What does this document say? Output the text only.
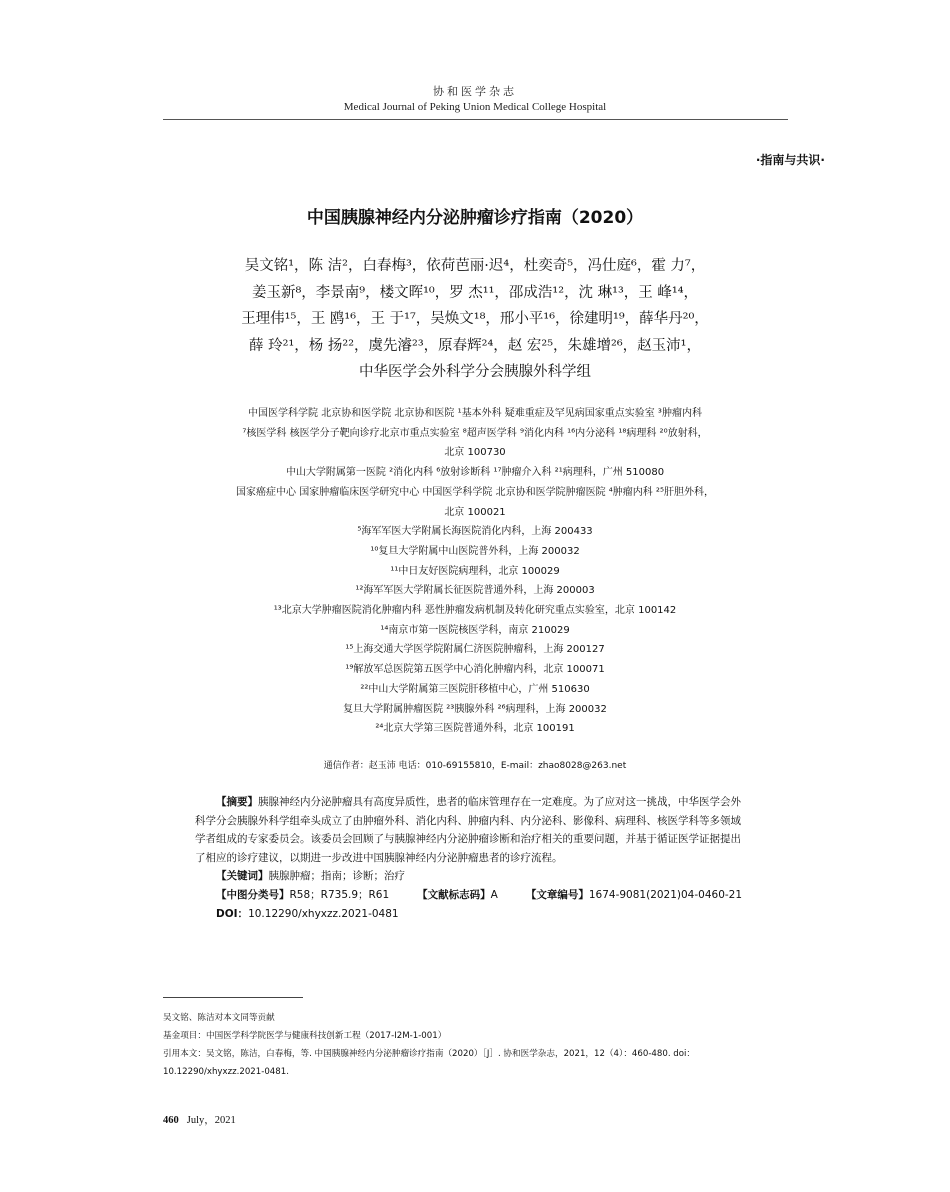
协和医学杂志
Medical Journal of Peking Union Medical College Hospital
·指南与共识·
中国胰腺神经内分泌肿瘤诊疗指南（2020）
吴文铭¹，陈 洁²，白春梅³，依荷芭丽·迟⁴，杜奕奇⁵，冯仕庭⁶，霍 力⁷，
姜玉新⁸，李景南⁹，楼文晖¹⁰，罗 杰¹¹，邵成浩¹²，沈 琳¹³，王 峰¹⁴，
王理伟¹⁵，王 鸥¹⁶，王 于¹⁷，吴焕文¹⁸，邢小平¹⁶，徐建明¹⁹，薛华丹²⁰，
薛 玲²¹，杨 扬²²，虞先濬²³，原春辉²⁴，赵 宏²⁵，朱雄增²⁶，赵玉沛¹，
中华医学会外科学分会胰腺外科学组
中国医学科学院 北京协和医学院 北京协和医院 ¹基本外科 疑难重症及罕见病国家重点实验室 ³肿瘤内科
⁷核医学科 核医学分子靶向诊疗北京市重点实验室 ⁸超声医学科 ⁹消化内科 ¹⁶内分泌科 ¹⁸病理科 ²⁰放射科，
北京 100730
中山大学附属第一医院 ²消化内科 ⁶放射诊断科 ¹⁷肿瘤介入科 ²¹病理科，广州 510080
国家癌症中心 国家肿瘤临床医学研究中心 中国医学科学院 北京协和医学院肿瘤医院 ⁴肿瘤内科 ²⁵肝胆外科，
北京 100021
⁵海军军医大学附属长海医院消化内科，上海 200433
¹⁰复旦大学附属中山医院普外科，上海 200032
¹¹中日友好医院病理科，北京 100029
¹²海军军医大学附属长征医院普通外科，上海 200003
¹³北京大学肿瘤医院消化肿瘤内科 恶性肿瘤发病机制及转化研究重点实验室，北京 100142
¹⁴南京市第一医院核医学科，南京 210029
¹⁵上海交通大学医学院附属仁济医院肿瘤科，上海 200127
¹⁹解放军总医院第五医学中心消化肿瘤内科，北京 100071
²²中山大学附属第三医院肝移植中心，广州 510630
复旦大学附属肿瘤医院 ²³胰腺外科 ²⁶病理科，上海 200032
²⁴北京大学第三医院普通外科，北京 100191
通信作者：赵玉沛 电话：010-69155810，E-mail：zhao8028@263.net
【摘要】胰腺神经内分泌肿瘤具有高度异质性，患者的临床管理存在一定难度。为了应对这一挑战，中华医学会外
科学分会胰腺外科学组牵头成立了由肿瘤外科、消化内科、肿瘤内科、内分泌科、影像科、病理科、核医学科等多领域
学者组成的专家委员会。该委员会回顾了与胰腺神经内分泌肿瘤诊断和治疗相关的重要问题，并基于循证医学证据提出
了相应的诊疗建议，以期进一步改进中国胰腺神经内分泌肿瘤患者的诊疗流程。
【关键词】胰腺肿瘤；指南；诊断；治疗
【中图分类号】R58；R735.9；R61	【文献标志码】A	【文章编号】1674-9081(2021)04-0460-21
DOI：10.12290/xhyxzz.2021-0481
吴文铭、陈洁对本文同等贡献
基金项目：中国医学科学院医学与健康科技创新工程（2017-I2M-1-001）
引用本文：吴文铭，陈洁，白春梅，等. 中国胰腺神经内分泌肿瘤诊疗指南（2020）［J］. 协和医学杂志，2021，12（4）：460-480. doi：
10.12290/xhyxzz.2021-0481.
460 July，2021
